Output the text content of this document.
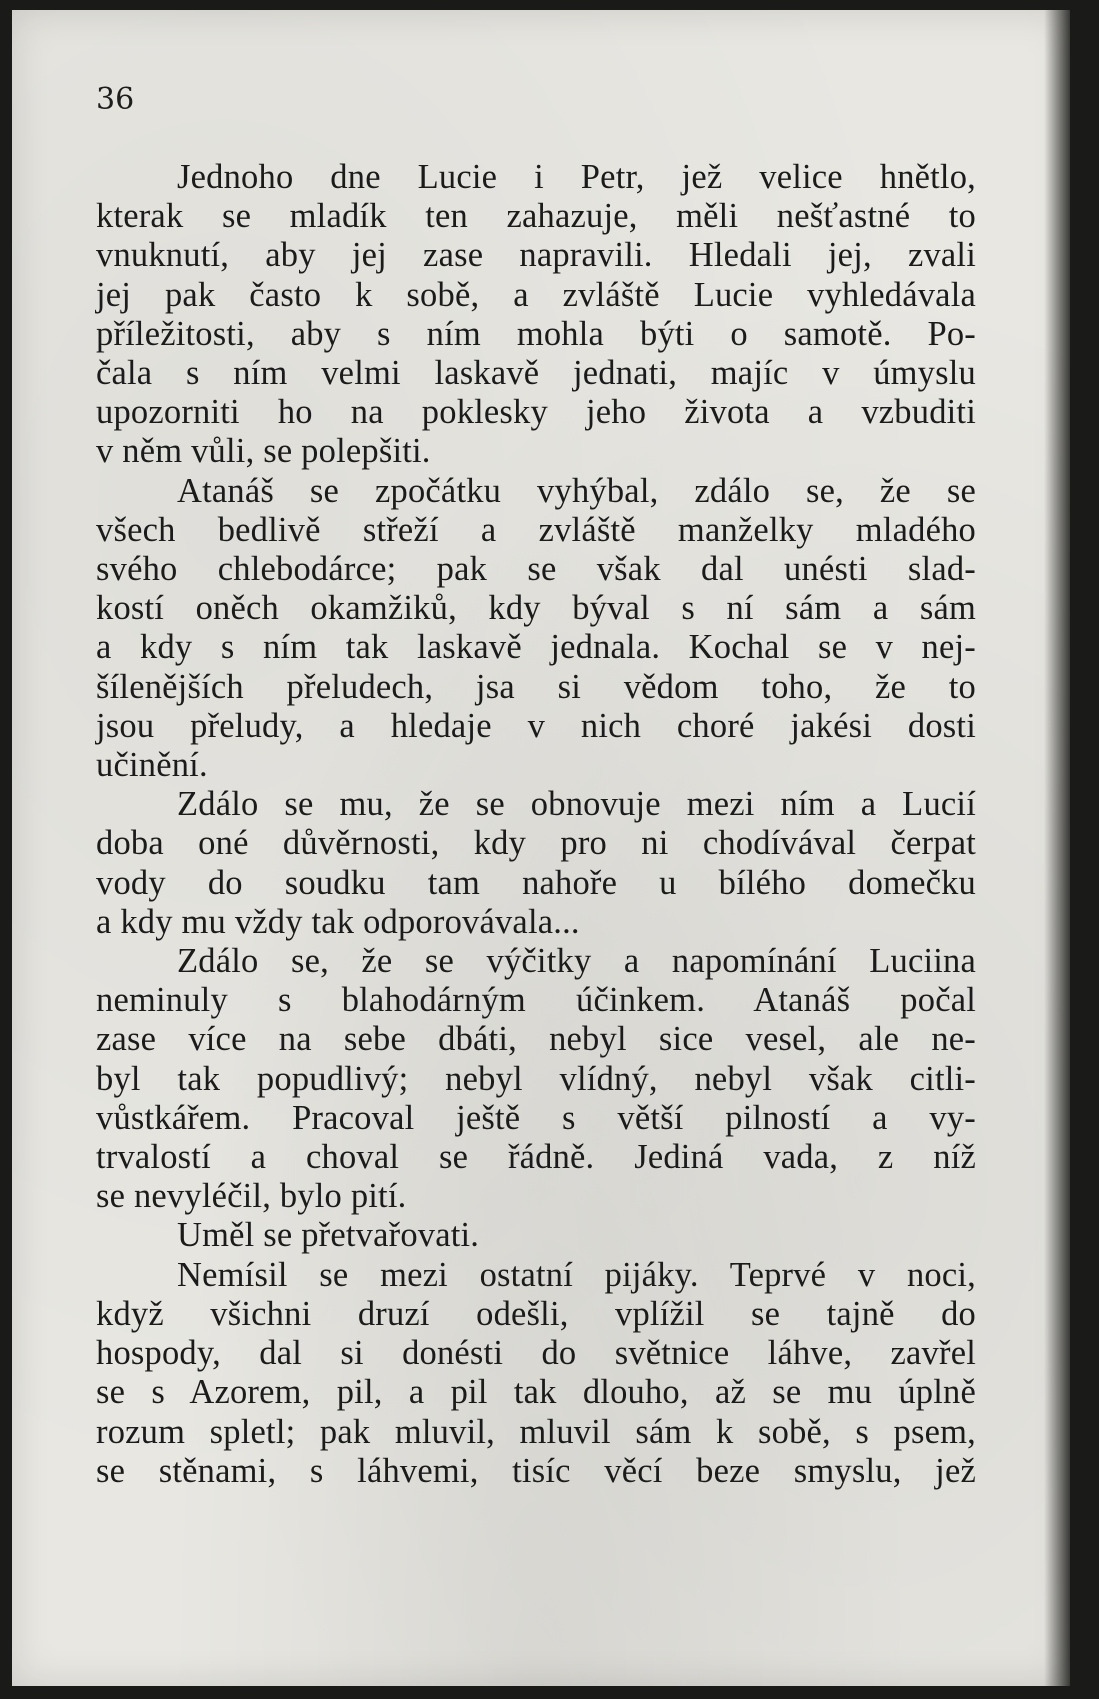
36

Jednoho dne Lucie i Petr, jež velice hnětlo,
kterak se mladík ten zahazuje, měli nešťastné to
vnuknutí, aby jej zase napravili. Hledali jej, zvali
jej pak často k sobě, a zvláště Lucie vyhledávala
příležitosti, aby s ním mohla býti o samotě. Po-
čala s ním velmi laskavě jednati, majíc v úmyslu
upozorniti ho na poklesky jeho života a vzbuditi
v něm vůli, se polepšiti.

Atanáš se zpočátku vyhýbal, zdálo se, že se
všech bedlivě střeží a zvláště manželky mladého
svého chlebodárce; pak se však dal unésti slad-
kostí oněch okamžiků, kdy býval s ní sám a sám
a kdy s ním tak laskavě jednala. Kochal se v nej-
šílenějších přeludech, jsa si vědom toho, že to
jsou přeludy, a hledaje v nich choré jakési dosti
učinění.

Zdálo se mu, že se obnovuje mezi ním a Lucií
doba oné důvěrnosti, kdy pro ni chodívával čerpat
vody do soudku tam nahoře u bílého domečku
a kdy mu vždy tak odporovávala...

Zdálo se, že se výčitky a napomínání Luciina
neminuly s blahodárným účinkem. Atanáš počal
zase více na sebe dbáti, nebyl sice vesel, ale ne-
byl tak popudlivý; nebyl vlídný, nebyl však citli-
vůstkářem. Pracoval ještě s větší pilností a vy-
trvalostí a choval se řádně. Jediná vada, z níž
se nevyléčil, bylo pití.

Uměl se přetvařovati.

Nemísil se mezi ostatní pijáky. Teprvé v noci,
když všichni druzí odešli, vplížil se tajně do
hospody, dal si donésti do světnice láhve, zavřel
se s Azorem, pil, a pil tak dlouho, až se mu úplně
rozum spletl; pak mluvil, mluvil sám k sobě, s psem,
se stěnami, s láhvemi, tisíc věcí beze smyslu, jež
